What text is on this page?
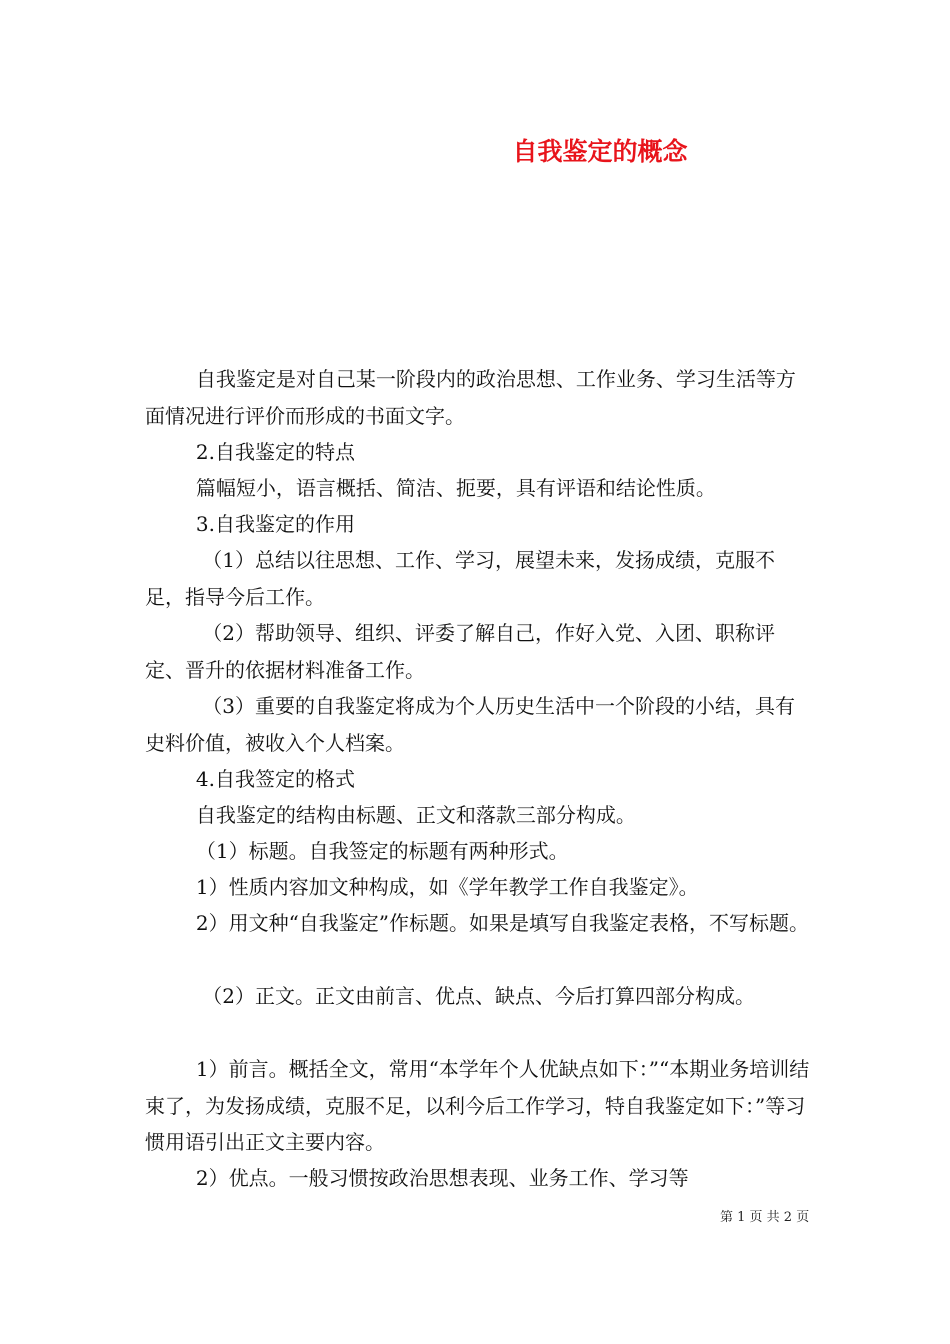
自我鉴定的概念

自我鉴定是对自己某一阶段内的政治思想、工作业务、学习生活等方面情况进行评价而形成的书面文字。

2.自我鉴定的特点

篇幅短小，语言概括、简洁、扼要，具有评语和结论性质。

3.自我鉴定的作用

（1）总结以往思想、工作、学习，展望未来，发扬成绩，克服不足，指导今后工作。

（2）帮助领导、组织、评委了解自己，作好入党、入团、职称评定、晋升的依据材料准备工作。

（3）重要的自我鉴定将成为个人历史生活中一个阶段的小结，具有史料价值，被收入个人档案。

4.自我签定的格式

自我鉴定的结构由标题、正文和落款三部分构成。

（1）标题。自我签定的标题有两种形式。

1）性质内容加文种构成，如《学年教学工作自我鉴定》。

2）用文种“自我鉴定”作标题。如果是填写自我鉴定表格，不写标题。

（2）正文。正文由前言、优点、缺点、今后打算四部分构成。

1）前言。概括全文，常用“本学年个人优缺点如下：”“本期业务培训结束了，为发扬成绩，克服不足，以利今后工作学习，特自我鉴定如下：”等习惯用语引出正文主要内容。

2）优点。一般习惯按政治思想表现、业务工作、学习等

第 1 页 共 2 页
